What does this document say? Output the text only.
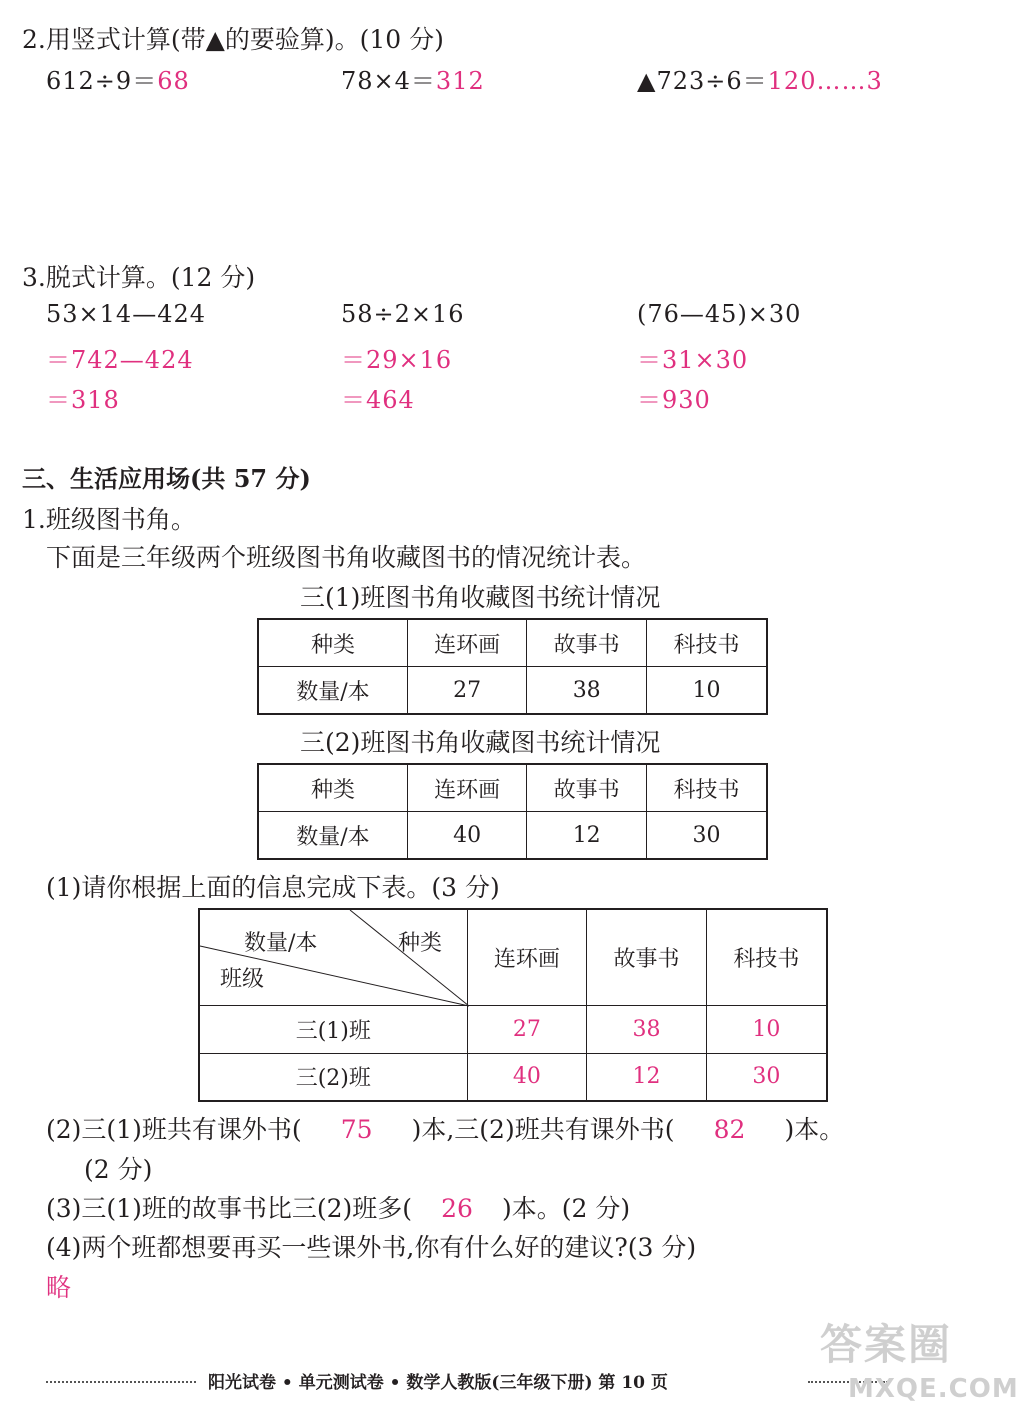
2.用竖式计算(带▲的要验算)。(10 分)
612÷9＝68	78×4＝312	▲723÷6＝120……3
3.脱式计算。(12 分)
53×14—424
＝742—424
＝318
58÷2×16
＝29×16
＝464
(76—45)×30
＝31×30
＝930
三、生活应用场(共 57 分)
1.班级图书角。
下面是三年级两个班级图书角收藏图书的情况统计表。
三(1)班图书角收藏图书统计情况
种类	连环画	故事书	科技书
数量/本	27	38	10
三(2)班图书角收藏图书统计情况
种类	连环画	故事书	科技书
数量/本	40	12	30
(1)请你根据上面的信息完成下表。(3 分)
数量/本 种类
班级	连环画	故事书	科技书
三(1)班	27	38	10
三(2)班	40	12	30
(2)三(1)班共有课外书( 75 )本,三(2)班共有课外书( 82 )本。
(2 分)
(3)三(1)班的故事书比三(2)班多( 26 )本。(2 分)
(4)两个班都想要再买一些课外书,你有什么好的建议?(3 分)
略
阳光试卷 • 单元测试卷 • 数学人教版(三年级下册) 第 10 页
答案圈
MXQE.COM
